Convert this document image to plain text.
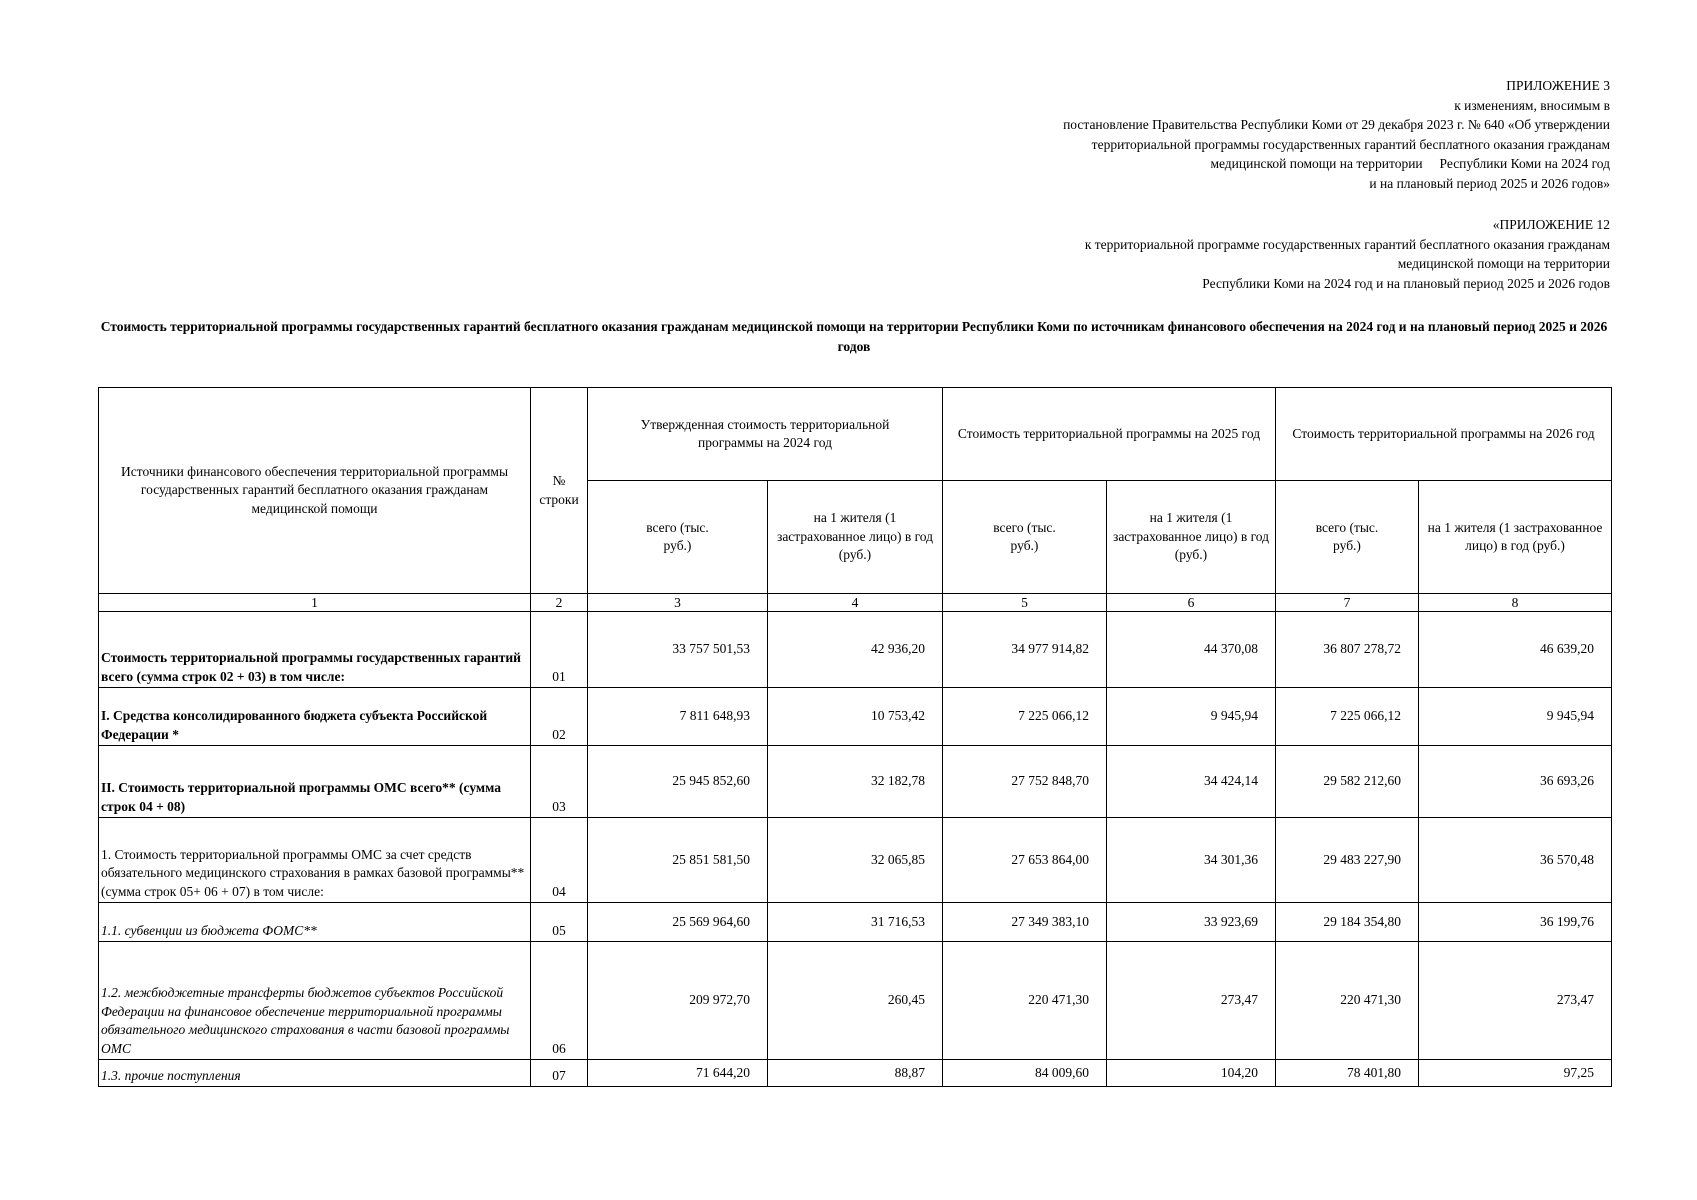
ПРИЛОЖЕНИЕ 3
к изменениям, вносимым в
постановление Правительства Республики Коми от 29 декабря 2023 г. № 640 «Об утверждении
территориальной программы государственных гарантий бесплатного оказания гражданам
медицинской помощи на территории     Республики Коми на 2024 год
и на плановый период 2025 и 2026 годов»
«ПРИЛОЖЕНИЕ 12
к территориальной программе государственных гарантий бесплатного оказания гражданам
медицинской помощи на территории
Республики Коми на 2024 год и на плановый период 2025 и 2026 годов
Стоимость территориальной программы государственных гарантий бесплатного оказания гражданам медицинской помощи на территории Республики Коми по источникам финансового обеспечения на 2024 год и на плановый период 2025 и 2026 годов
Источники финансового обеспечения территориальной программы государственных гарантий бесплатного оказания гражданам медицинской помощи	№ строки	Утвержденная стоимость территориальной программы на 2024 год		Стоимость территориальной программы на 2025 год		Стоимость территориальной программы на 2026 год	
		всего (тыс. руб.)	на 1 жителя (1 застрахованное лицо) в год (руб.)	всего (тыс. руб.)	на 1 жителя (1 застрахованное лицо) в год (руб.)	всего (тыс. руб.)	на 1 жителя (1 застрахованное лицо) в год (руб.)
1	2	3	4	5	6	7	8
Стоимость территориальной программы государственных гарантий всего (сумма строк 02 + 03) в том числе:	01	33 757 501,53	42 936,20	34 977 914,82	44 370,08	36 807 278,72	46 639,20
I. Средства консолидированного бюджета субъекта Российской Федерации *	02	7 811 648,93	10 753,42	7 225 066,12	9 945,94	7 225 066,12	9 945,94
II. Стоимость территориальной программы ОМС всего** (сумма строк 04 + 08)	03	25 945 852,60	32 182,78	27 752 848,70	34 424,14	29 582 212,60	36 693,26
1. Стоимость территориальной программы ОМС за счет средств обязательного медицинского страхования в рамках базовой программы** (сумма строк 05+ 06 + 07) в том числе:	04	25 851 581,50	32 065,85	27 653 864,00	34 301,36	29 483 227,90	36 570,48
1.1. субвенции из бюджета ФОМС**	05	25 569 964,60	31 716,53	27 349 383,10	33 923,69	29 184 354,80	36 199,76
1.2. межбюджетные трансферты бюджетов субъектов Российской Федерации на финансовое обеспечение территориальной программы обязательного медицинского страхования в части базовой программы ОМС	06	209 972,70	260,45	220 471,30	273,47	220 471,30	273,47
1.3. прочие поступления	07	71 644,20	88,87	84 009,60	104,20	78 401,80	97,25
